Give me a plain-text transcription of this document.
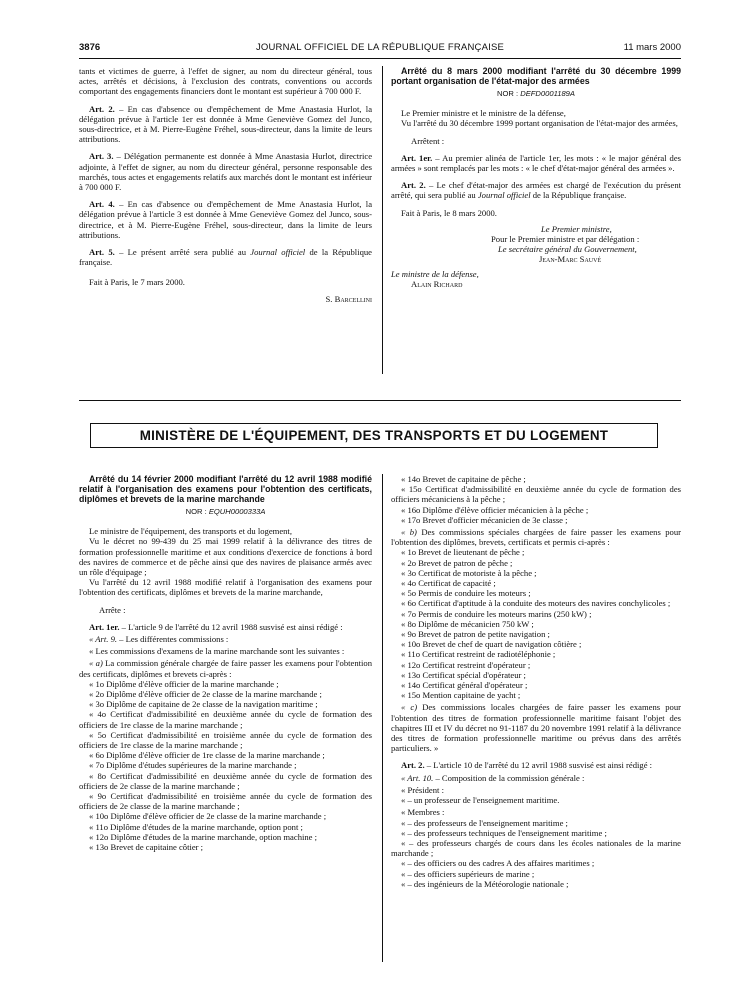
3876	JOURNAL OFFICIEL DE LA RÉPUBLIQUE FRANÇAISE	11 mars 2000

tants et victimes de guerre, à l'effet de signer, au nom du directeur général, tous actes, arrêtés et décisions, à l'exclusion des contrats, conventions ou accords comportant des engagements financiers dont le montant est supérieur à 700 000 F.

Art. 2. – En cas d'absence ou d'empêchement de Mme Anastasia Hurlot, la délégation prévue à l'article 1er est donnée à Mme Geneviève Gomez del Junco, sous-directrice, et à M. Pierre-Eugène Fréhel, sous-directeur, dans la limite de leurs attributions.

Art. 3. – Délégation permanente est donnée à Mme Anastasia Hurlot, directrice adjointe, à l'effet de signer, au nom du directeur général, personne responsable des marchés, tous actes et engagements relatifs aux marchés dont le montant est inférieur à 700 000 F.

Art. 4. – En cas d'absence ou d'empêchement de Mme Anastasia Hurlot, la délégation prévue à l'article 3 est donnée à Mme Geneviève Gomez del Junco, sous-directrice, et à M. Pierre-Eugène Fréhel, sous-directeur, dans la limite de leurs attributions.

Art. 5. – Le présent arrêté sera publié au Journal officiel de la République française.

Fait à Paris, le 7 mars 2000.

S. Barcellini

Arrêté du 8 mars 2000 modifiant l'arrêté du 30 décembre 1999 portant organisation de l'état-major des armées

NOR : DEFD0001189A

Le Premier ministre et le ministre de la défense,

Vu l'arrêté du 30 décembre 1999 portant organisation de l'état-major des armées,

Arrêtent :

Art. 1er. – Au premier alinéa de l'article 1er, les mots : « le major général des armées » sont remplacés par les mots : « le chef d'état-major général des armées ».

Art. 2. – Le chef d'état-major des armées est chargé de l'exécution du présent arrêté, qui sera publié au Journal officiel de la République française.

Fait à Paris, le 8 mars 2000.

Le Premier ministre,

Pour le Premier ministre et par délégation :

Le secrétaire général du Gouvernement,

Jean-Marc Sauvé

Le ministre de la défense,

Alain Richard

MINISTÈRE DE L'ÉQUIPEMENT, DES TRANSPORTS ET DU LOGEMENT

Arrêté du 14 février 2000 modifiant l'arrêté du 12 avril 1988 modifié relatif à l'organisation des examens pour l'obtention des certificats, diplômes et brevets de la marine marchande

NOR : EQUH0000333A

Le ministre de l'équipement, des transports et du logement,

Vu le décret no 99-439 du 25 mai 1999 relatif à la délivrance des titres de formation professionnelle maritime et aux conditions d'exercice de fonctions à bord des navires de commerce et de pêche ainsi que des navires de plaisance armés avec un rôle d'équipage ;

Vu l'arrêté du 12 avril 1988 modifié relatif à l'organisation des examens pour l'obtention des certificats, diplômes et brevets de la marine marchande,

Arrête :

Art. 1er. – L'article 9 de l'arrêté du 12 avril 1988 susvisé est ainsi rédigé :

« Art. 9. – Les différentes commissions :

« Les commissions d'examens de la marine marchande sont les suivantes :

« a) La commission générale chargée de faire passer les examens pour l'obtention des certificats, diplômes et brevets ci-après :

« 1o Diplôme d'élève officier de la marine marchande ;

« 2o Diplôme d'élève officier de 2e classe de la marine marchande ;

« 3o Diplôme de capitaine de 2e classe de la navigation maritime ;

« 4o Certificat d'admissibilité en deuxième année du cycle de formation des officiers de 1re classe de la marine marchande ;

« 5o Certificat d'admissibilité en troisième année du cycle de formation des officiers de 1re classe de la marine marchande ;

« 6o Diplôme d'élève officier de 1re classe de la marine marchande ;

« 7o Diplôme d'études supérieures de la marine marchande ;

« 8o Certificat d'admissibilité en deuxième année du cycle de formation des officiers de 2e classe de la marine marchande ;

« 9o Certificat d'admissibilité en troisième année du cycle de formation des officiers de 2e classe de la marine marchande ;

« 10o Diplôme d'élève officier de 2e classe de la marine marchande ;

« 11o Diplôme d'études de la marine marchande, option pont ;

« 12o Diplôme d'études de la marine marchande, option machine ;

« 13o Brevet de capitaine côtier ;

« 14o Brevet de capitaine de pêche ;

« 15o Certificat d'admissibilité en deuxième année du cycle de formation des officiers mécaniciens à la pêche ;

« 16o Diplôme d'élève officier mécanicien à la pêche ;

« 17o Brevet d'officier mécanicien de 3e classe ;

« b) Des commissions spéciales chargées de faire passer les examens pour l'obtention des diplômes, brevets, certificats et permis ci-après :

« 1o Brevet de lieutenant de pêche ;

« 2o Brevet de patron de pêche ;

« 3o Certificat de motoriste à la pêche ;

« 4o Certificat de capacité ;

« 5o Permis de conduire les moteurs ;

« 6o Certificat d'aptitude à la conduite des moteurs des navires conchylicoles ;

« 7o Permis de conduire les moteurs marins (250 kW) ;

« 8o Diplôme de mécanicien 750 kW ;

« 9o Brevet de patron de petite navigation ;

« 10o Brevet de chef de quart de navigation côtière ;

« 11o Certificat restreint de radiotéléphonie ;

« 12o Certificat restreint d'opérateur ;

« 13o Certificat spécial d'opérateur ;

« 14o Certificat général d'opérateur ;

« 15o Mention capitaine de yacht ;

« c) Des commissions locales chargées de faire passer les examens pour l'obtention des titres de formation professionnelle maritime faisant l'objet des chapitres III et IV du décret no 91-1187 du 20 novembre 1991 relatif à la délivrance des titres de formation professionnelle maritime ou prévus dans des arrêtés particuliers. »

Art. 2. – L'article 10 de l'arrêté du 12 avril 1988 susvisé est ainsi rédigé :

« Art. 10. – Composition de la commission générale :

« Président :

« – un professeur de l'enseignement maritime.

« Membres :

« – des professeurs de l'enseignement maritime ;

« – des professeurs techniques de l'enseignement maritime ;

« – des professeurs chargés de cours dans les écoles nationales de la marine marchande ;

« – des officiers ou des cadres A des affaires maritimes ;

« – des officiers supérieurs de marine ;

« – des ingénieurs de la Météorologie nationale ;
